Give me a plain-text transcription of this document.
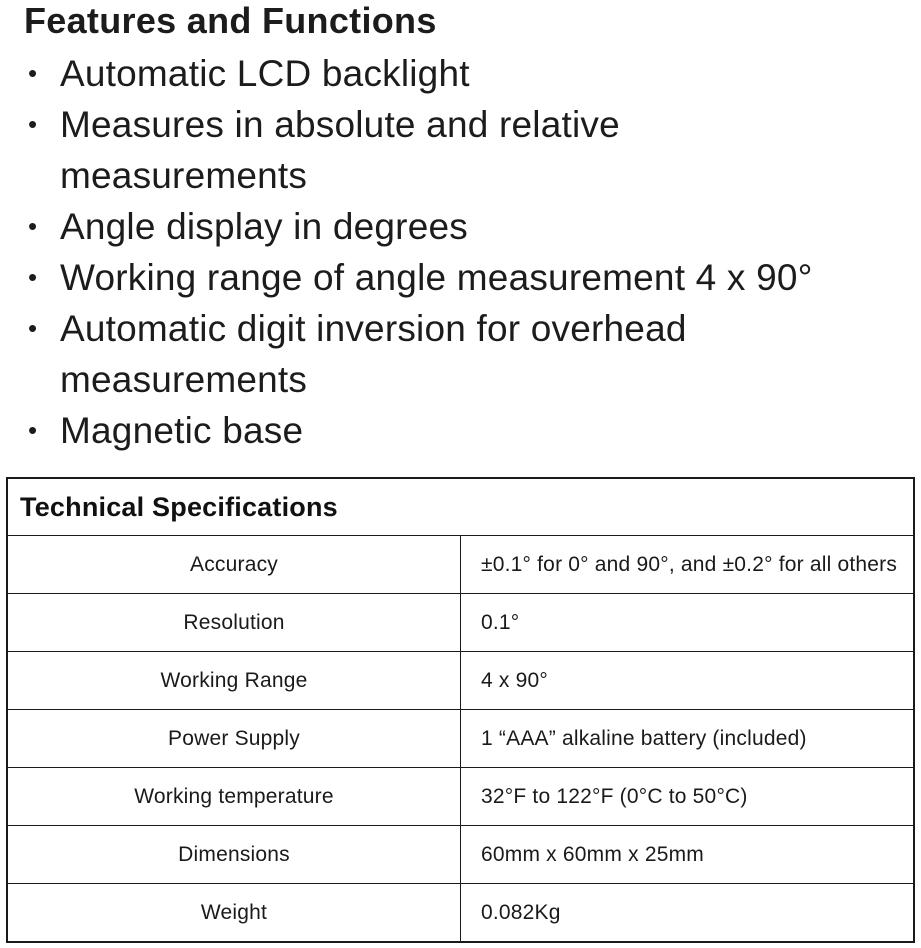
Features and Functions
• Automatic LCD backlight
• Measures in absolute and relative measurements
• Angle display in degrees
• Working range of angle measurement 4 x 90°
• Automatic digit inversion for overhead measurements
• Magnetic base
Technical Specifications	
Accuracy	±0.1° for 0° and 90°, and ±0.2° for all others
Resolution	0.1°
Working Range	4 x 90°
Power Supply	1 “AAA” alkaline battery (included)
Working temperature	32°F to 122°F (0°C to 50°C)
Dimensions	60mm x 60mm x 25mm
Weight	0.082Kg
